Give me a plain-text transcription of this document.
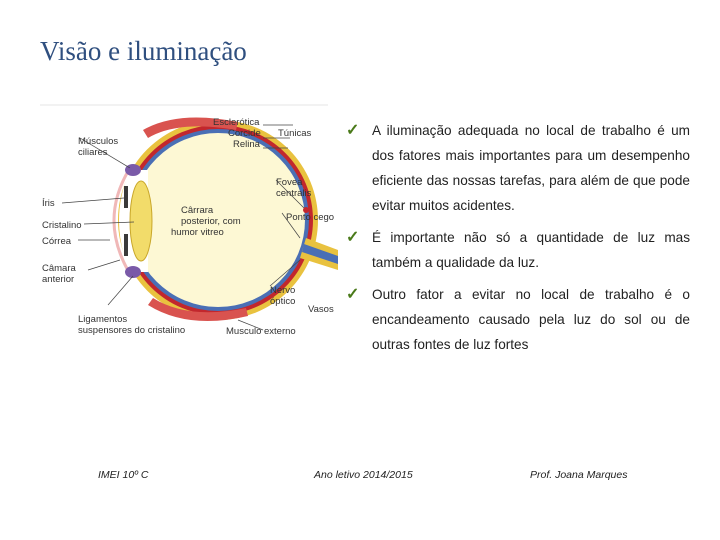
Visão e iluminação
Músculos
ciliares
Íris
Cristalino
Córrea
Câmara
anterior
Ligamentos
suspensores do cristalino
Esclerótica
Corcide
Relina
Túnicas
Fovea
centralis
Cârrara
posterior, com
humor vitreo
Ponto cego
Nervo
óptico
Vasos
Musculo externo
✓ A iluminação adequada no local de trabalho é um dos fatores mais importantes para um desempenho eficiente das nossas tarefas, para além de que pode evitar muitos acidentes.
✓ É importante não só a quantidade de luz mas também a qualidade da luz.
✓ Outro fator a evitar no local de trabalho é o encandeamento causado pela luz do sol ou de outras fontes de luz fortes
IMEI 10º C	Ano letivo 2014/2015	Prof. Joana Marques
